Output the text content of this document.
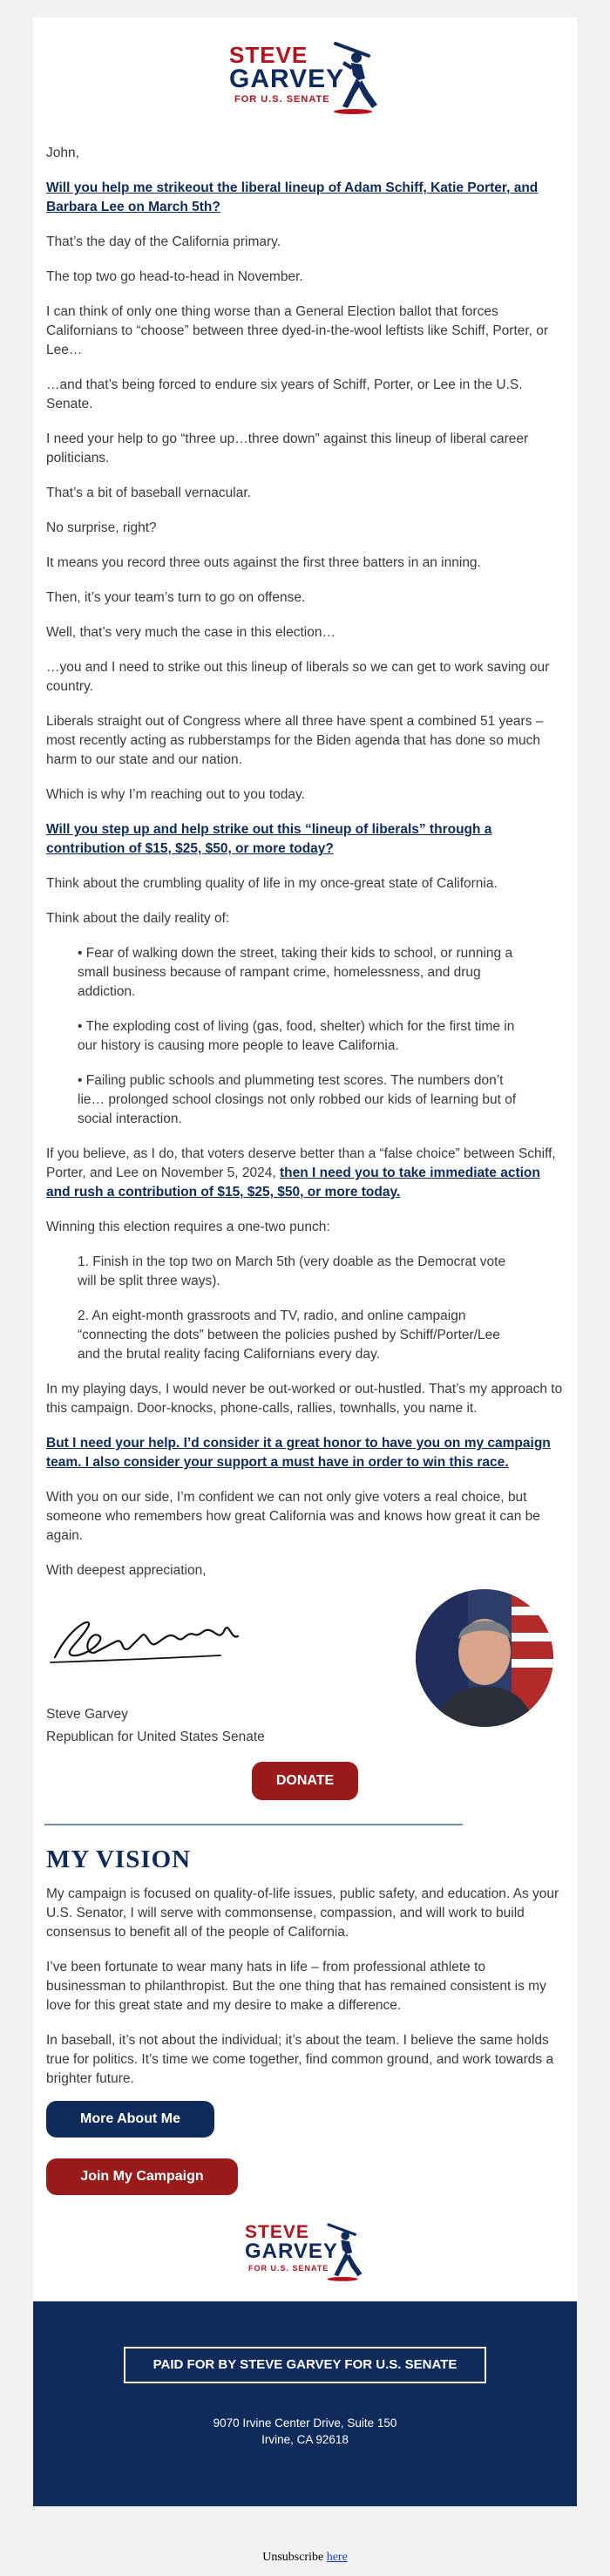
STEVE
GARVEY
FOR U.S. SENATE

John,

Will you help me strikeout the liberal lineup of Adam Schiff, Katie Porter, and Barbara Lee on March 5th?

That’s the day of the California primary.

The top two go head-to-head in November.

I can think of only one thing worse than a General Election ballot that forces Californians to “choose” between three dyed-in-the-wool leftists like Schiff, Porter, or Lee…

…and that’s being forced to endure six years of Schiff, Porter, or Lee in the U.S. Senate.

I need your help to go “three up…three down” against this lineup of liberal career politicians.

That’s a bit of baseball vernacular.

No surprise, right?

It means you record three outs against the first three batters in an inning.

Then, it’s your team’s turn to go on offense.

Well, that’s very much the case in this election…

…you and I need to strike out this lineup of liberals so we can get to work saving our country.

Liberals straight out of Congress where all three have spent a combined 51 years – most recently acting as rubberstamps for the Biden agenda that has done so much harm to our state and our nation.

Which is why I’m reaching out to you today.

Will you step up and help strike out this “lineup of liberals” through a contribution of $15, $25, $50, or more today?

Think about the crumbling quality of life in my once-great state of California.

Think about the daily reality of:

• Fear of walking down the street, taking their kids to school, or running a small business because of rampant crime, homelessness, and drug addiction.
• The exploding cost of living (gas, food, shelter) which for the first time in our history is causing more people to leave California.
• Failing public schools and plummeting test scores. The numbers don’t lie… prolonged school closings not only robbed our kids of learning but of social interaction.

If you believe, as I do, that voters deserve better than a “false choice” between Schiff, Porter, and Lee on November 5, 2024, then I need you to take immediate action and rush a contribution of $15, $25, $50, or more today.

Winning this election requires a one-two punch:

1. Finish in the top two on March 5th (very doable as the Democrat vote will be split three ways).
2. An eight-month grassroots and TV, radio, and online campaign “connecting the dots” between the policies pushed by Schiff/Porter/Lee and the brutal reality facing Californians every day.

In my playing days, I would never be out-worked or out-hustled. That’s my approach to this campaign. Door-knocks, phone-calls, rallies, townhalls, you name it.

But I need your help. I’d consider it a great honor to have you on my campaign team. I also consider your support a must have in order to win this race.

With you on our side, I’m confident we can not only give voters a real choice, but someone who remembers how great California was and knows how great it can be again.

With deepest appreciation,

Steve Garvey
Republican for United States Senate
DONATE
MY VISION

My campaign is focused on quality-of-life issues, public safety, and education. As your U.S. Senator, I will serve with commonsense, compassion, and will work to build consensus to benefit all of the people of California.

I’ve been fortunate to wear many hats in life – from professional athlete to businessman to philanthropist. But the one thing that has remained consistent is my love for this great state and my desire to make a difference.

In baseball, it’s not about the individual; it’s about the team. I believe the same holds true for politics. It’s time we come together, find common ground, and work towards a brighter future.

More About Me
Join My Campaign
STEVE
GARVEY
FOR U.S. SENATE
PAID FOR BY STEVE GARVEY FOR U.S. SENATE
9070 Irvine Center Drive, Suite 150
Irvine, CA 92618
Unsubscribe here
